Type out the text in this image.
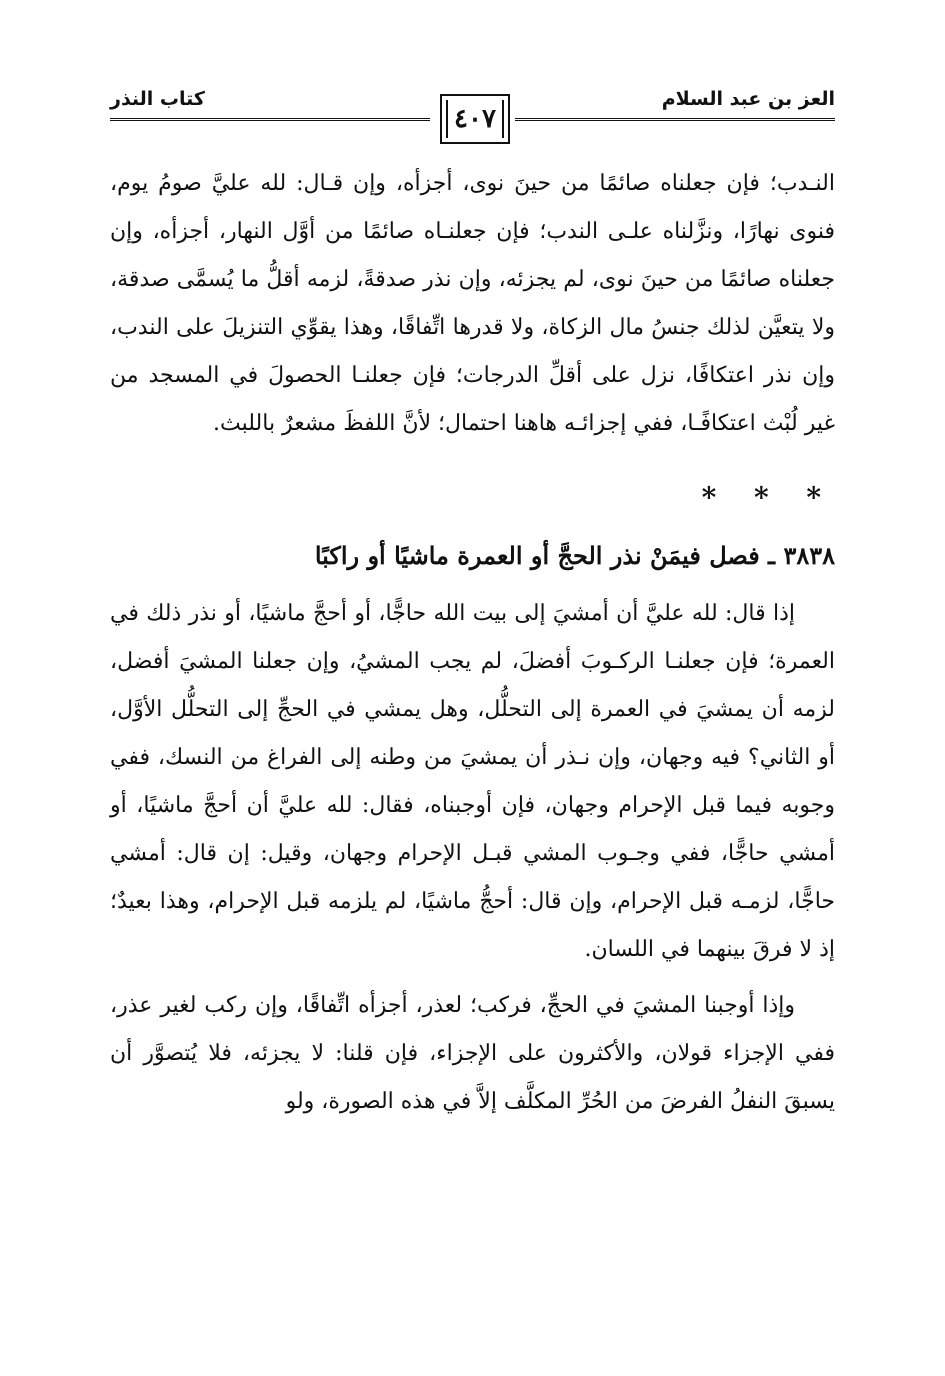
العز بن عبد السلام
٤٠٧
كتاب النذر

النـدب؛ فإن جعلناه صائمًا من حينَ نوى، أجزأه، وإن قـال: لله عليَّ صومُ يوم، فنوى نهارًا، ونزَّلناه علـى الندب؛ فإن جعلنـاه صائمًا من أوَّل النهار، أجزأه، وإن جعلناه صائمًا من حينَ نوى، لم يجزئه، وإن نذر صدقةً، لزمه أقلُّ ما يُسمَّى صدقة، ولا يتعيَّن لذلك جنسُ مال الزكاة، ولا قدرها اتِّفاقًا، وهذا يقوِّي التنزيلَ على الندب، وإن نذر اعتكافًا، نزل على أقلِّ الدرجات؛ فإن جعلنـا الحصولَ في المسجد من غير لُبْث اعتكافًـا، ففي إجزائـه هاهنا احتمال؛ لأنَّ اللفظَ مشعرٌ باللبث.

* * *
٣٨٣٨ ـ فصل فيمَنْ نذر الحجَّ أو العمرة ماشيًا أو راكبًا

إذا قال: لله عليَّ أن أمشيَ إلى بيت الله حاجًّا، أو أحجَّ ماشيًا، أو نذر ذلك في العمرة؛ فإن جعلنـا الركـوبَ أفضلَ، لم يجب المشيُ، وإن جعلنا المشيَ أفضل، لزمه أن يمشيَ في العمرة إلى التحلُّل، وهل يمشي في الحجِّ إلى التحلُّل الأوَّل، أو الثاني؟ فيه وجهان، وإن نـذر أن يمشيَ من وطنه إلى الفراغ من النسك، ففي وجوبه فيما قبل الإحرام وجهان، فإن أوجبناه، فقال: لله عليَّ أن أحجَّ ماشيًا، أو أمشي حاجًّا، ففي وجـوب المشي قبـل الإحرام وجهان، وقيل: إن قال: أمشي حاجًّا، لزمـه قبل الإحرام، وإن قال: أحجُّ ماشيًا، لم يلزمه قبل الإحرام، وهذا بعيدٌ؛ إذ لا فرقَ بينهما في اللسان.

وإذا أوجبنا المشيَ في الحجِّ، فركب؛ لعذر، أجزأه اتِّفاقًا، وإن ركب لغير عذر، ففي الإجزاء قولان، والأكثرون على الإجزاء، فإن قلنا: لا يجزئه، فلا يُتصوَّر أن يسبقَ النفلُ الفرضَ من الحُرِّ المكلَّف إلاَّ في هذه الصورة، ولو
